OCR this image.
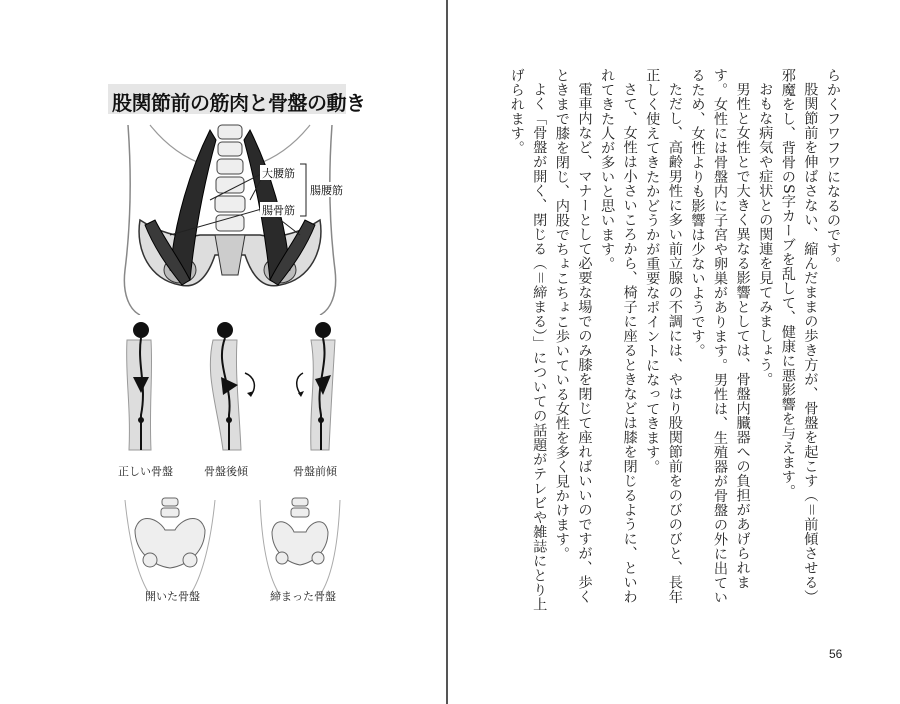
股関節前の筋肉と骨盤の動き
大腰筋
腸骨筋
腸腰筋
正しい骨盤	骨盤後傾	骨盤前傾
開いた骨盤	締まった骨盤

らかくフワフワになるのです。

股関節前を伸ばさない、縮んだままの歩き方が、骨盤を起こす（＝前傾させる）邪魔をし、背骨のS字カーブを乱して、健康に悪影響を与えます。

おもな病気や症状との関連を見てみましょう。

男性と女性とで大きく異なる影響としては、骨盤内臓器への負担があげられます。女性には骨盤内に子宮や卵巣があります。男性は、生殖器が骨盤の外に出ているため、女性よりも影響は少ないようです。

ただし、高齢男性に多い前立腺の不調には、やはり股関節前をのびのびと、長年正しく使えてきたかどうかが重要なポイントになってきます。

さて、女性は小さいころから、椅子に座るときなどは膝を閉じるように、といわれてきた人が多いと思います。

電車内など、マナーとして必要な場でのみ膝を閉じて座ればいいのですが、歩くときまで膝を閉じ、内股でちょこちょこ歩いている女性を多く見かけます。

よく「骨盤が開く、閉じる（＝締まる）」についての話題がテレビや雑誌にとり上げられます。

56
